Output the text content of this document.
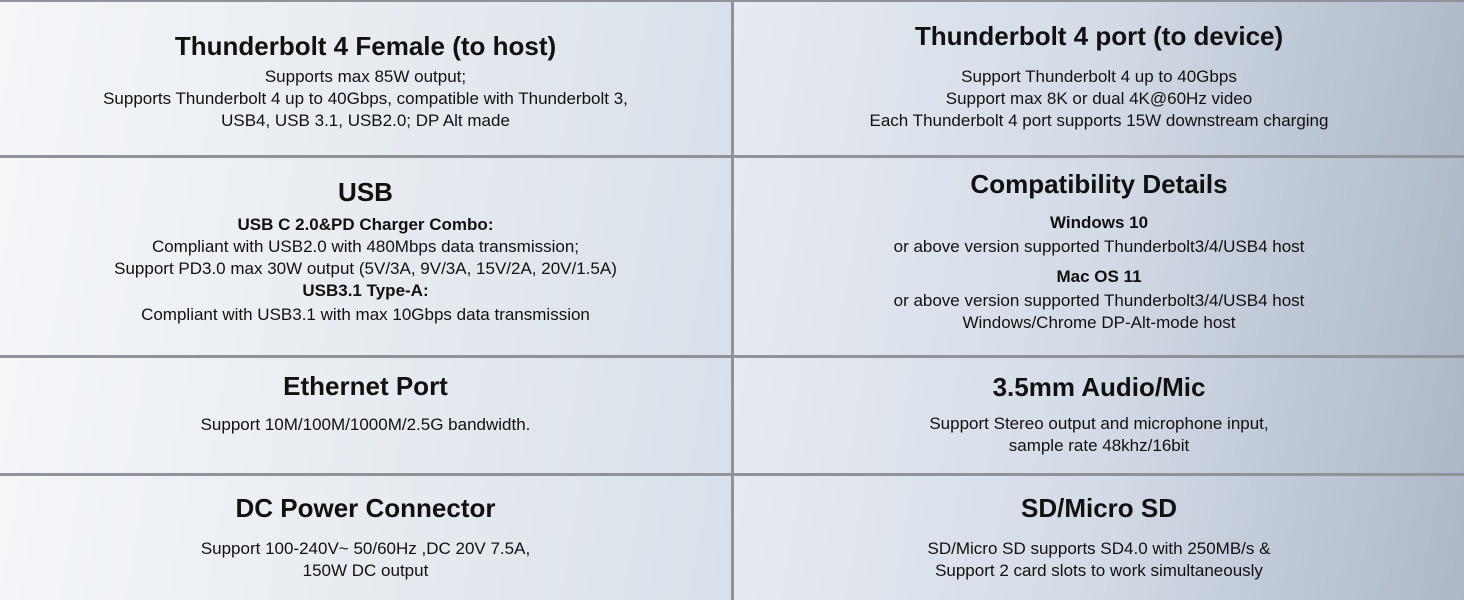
Thunderbolt 4 Female (to host)
Supports max 85W output;
Supports Thunderbolt 4 up to 40Gbps, compatible with Thunderbolt 3,
USB4, USB 3.1, USB2.0; DP Alt made
Thunderbolt 4 port (to device)
Support Thunderbolt 4 up to 40Gbps
Support max 8K or dual 4K@60Hz video
Each Thunderbolt 4 port supports 15W downstream charging
USB
USB C 2.0&PD Charger Combo:
Compliant with USB2.0 with 480Mbps data transmission;
Support PD3.0 max 30W output (5V/3A, 9V/3A, 15V/2A, 20V/1.5A)
USB3.1 Type-A:
Compliant with USB3.1 with max 10Gbps data transmission
Compatibility Details
Windows 10
or above version supported Thunderbolt3/4/USB4 host
Mac OS 11
or above version supported Thunderbolt3/4/USB4 host
Windows/Chrome DP-Alt-mode host
Ethernet Port
Support 10M/100M/1000M/2.5G bandwidth.
3.5mm Audio/Mic
Support Stereo output and microphone input,
sample rate 48khz/16bit
DC Power Connector
Support 100-240V~ 50/60Hz ,DC 20V 7.5A,
150W DC output
SD/Micro SD
SD/Micro SD supports SD4.0 with 250MB/s &
Support 2 card slots to work simultaneously
